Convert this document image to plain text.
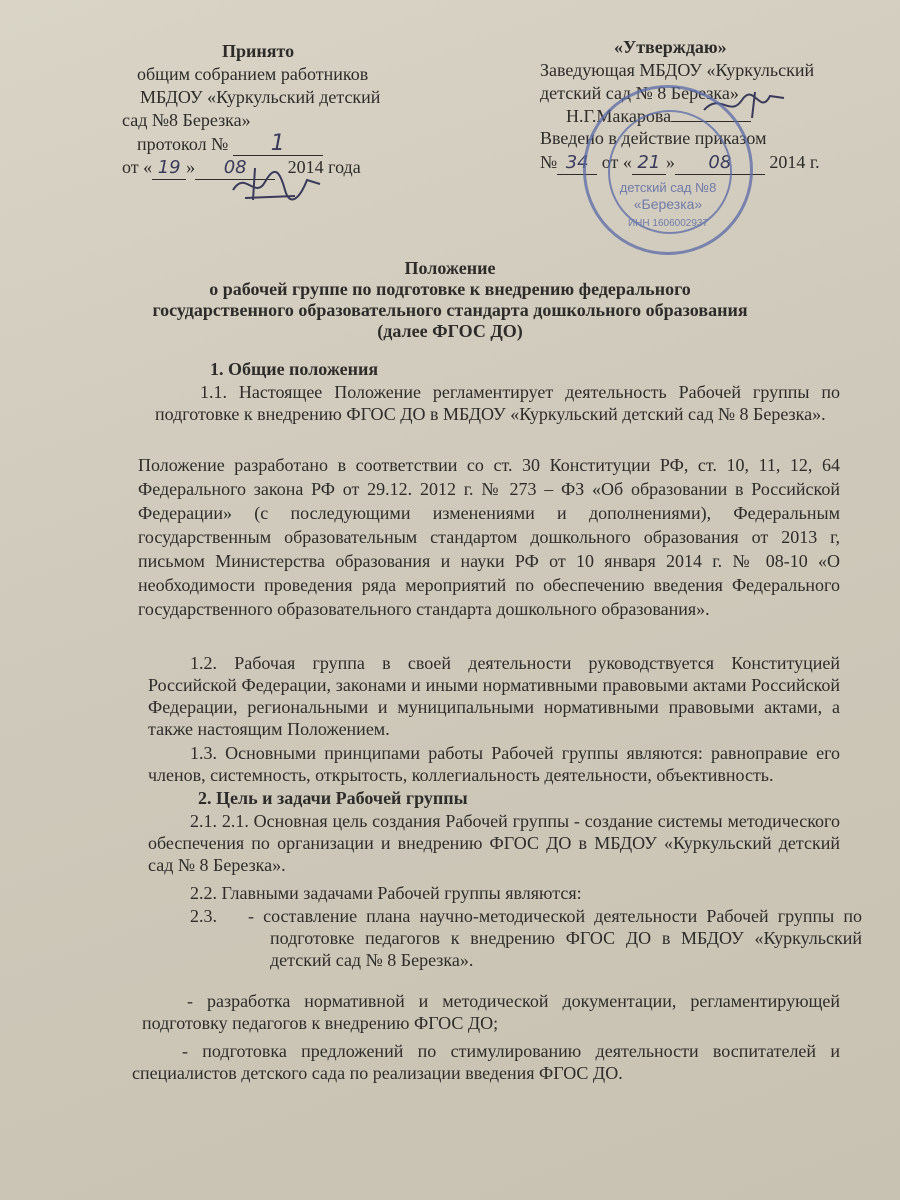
Принято

общим собранием работников

МБДОУ «Куркульский детский

сад №8 Березка»

протокол № 1

от « 19 » 08 2014 года

«Утверждаю»

Заведующая МБДОУ «Куркульский

детский сад № 8 Березка»

Н.Г.Макарова

Введено в действие приказом

№ 34 от « 21 » 08 2014 г.

детский сад №8
«Березка»
ИНН 1606002937

Положение

о рабочей группе по подготовке к внедрению федерального

государственного образовательного стандарта дошкольного образования

(далее ФГОС ДО)

1. Общие положения

1.1. Настоящее Положение регламентирует деятельность Рабочей группы по подготовке к внедрению ФГОС ДО в МБДОУ «Куркульский детский сад № 8 Березка».

Положение разработано в соответствии со ст. 30 Конституции РФ, ст. 10, 11, 12, 64 Федерального закона РФ от 29.12. 2012 г. № 273 – ФЗ «Об образовании в Российской Федерации» (с последующими изменениями и дополнениями), Федеральным государственным образовательным стандартом дошкольного образования от 2013 г, письмом Министерства образования и науки РФ от 10 января 2014 г. № 08-10 «О необходимости проведения ряда мероприятий по обеспечению введения Федерального государственного образовательного стандарта дошкольного образования».

1.2. Рабочая группа в своей деятельности руководствуется Конституцией Российской Федерации, законами и иными нормативными правовыми актами Российской Федерации, региональными и муниципальными нормативными правовыми актами, а также настоящим Положением.

1.3. Основными принципами работы Рабочей группы являются: равноправие его членов, системность, открытость, коллегиальность деятельности, объективность.

2. Цель и задачи Рабочей группы

2.1. 2.1. Основная цель создания Рабочей группы - создание системы методического обеспечения по организации и внедрению ФГОС ДО в МБДОУ «Куркульский детский сад № 8 Березка».

2.2. Главными задачами Рабочей группы являются:

2.3. - составление плана научно-методической деятельности Рабочей группы по подготовке педагогов к внедрению ФГОС ДО в МБДОУ «Куркульский детский сад № 8 Березка».

- разработка нормативной и методической документации, регламентирующей подготовку педагогов к внедрению ФГОС ДО;

- подготовка предложений по стимулированию деятельности воспитателей и специалистов детского сада по реализации введения ФГОС ДО.
